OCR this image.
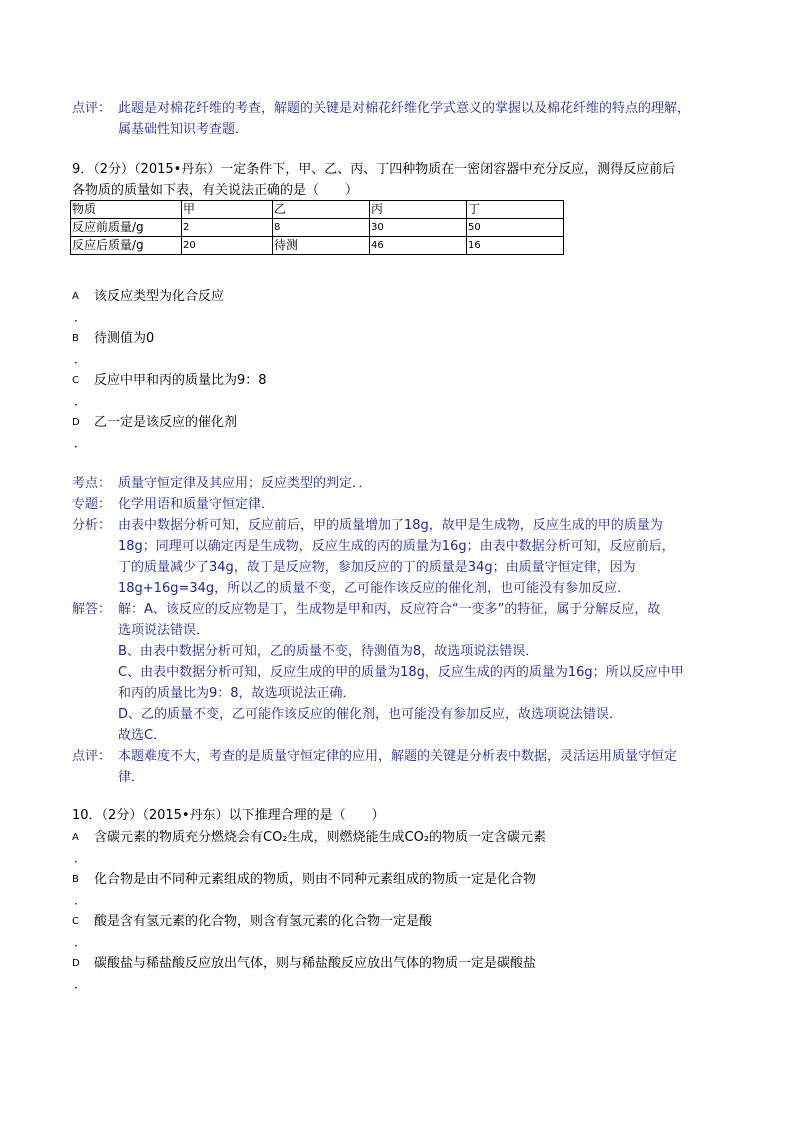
点评： 此题是对棉花纤维的考查，解题的关键是对棉花纤维化学式意义的掌握以及棉花纤维的特点的理解，
属基础性知识考查题．
9．（2分）（2015•丹东）一定条件下，甲、乙、丙、丁四种物质在一密闭容器中充分反应，测得反应前后
各物质的质量如下表，有关说法正确的是（　　）
物质	甲	乙	丙	丁
反应前质量/g	2	8	30	50
反应后质量/g	20	待测	46	16
A 该反应类型为化合反应
．
B 待测值为0
．
C 反应中甲和丙的质量比为9：8
．
D 乙一定是该反应的催化剂
．
考点： 质量守恒定律及其应用；反应类型的判定．．
专题： 化学用语和质量守恒定律．
分析： 由表中数据分析可知，反应前后，甲的质量增加了18g，故甲是生成物，反应生成的甲的质量为
18g；同理可以确定丙是生成物，反应生成的丙的质量为16g；由表中数据分析可知，反应前后，
丁的质量减少了34g，故丁是反应物，参加反应的丁的质量是34g；由质量守恒定律，因为
18g+16g=34g，所以乙的质量不变，乙可能作该反应的催化剂，也可能没有参加反应．
解答： 解：A、该反应的反应物是丁，生成物是甲和丙，反应符合“一变多”的特征，属于分解反应，故
选项说法错误．
B、由表中数据分析可知，乙的质量不变，待测值为8，故选项说法错误．
C、由表中数据分析可知，反应生成的甲的质量为18g，反应生成的丙的质量为16g；所以反应中甲
和丙的质量比为9：8，故选项说法正确．
D、乙的质量不变，乙可能作该反应的催化剂，也可能没有参加反应，故选项说法错误．
故选C．
点评： 本题难度不大，考查的是质量守恒定律的应用，解题的关键是分析表中数据，灵活运用质量守恒定
律．
10．（2分）（2015•丹东）以下推理合理的是（　　）
A 含碳元素的物质充分燃烧会有CO₂生成，则燃烧能生成CO₂的物质一定含碳元素
．
B 化合物是由不同种元素组成的物质，则由不同种元素组成的物质一定是化合物
．
C 酸是含有氢元素的化合物，则含有氢元素的化合物一定是酸
．
D 碳酸盐与稀盐酸反应放出气体，则与稀盐酸反应放出气体的物质一定是碳酸盐
．
